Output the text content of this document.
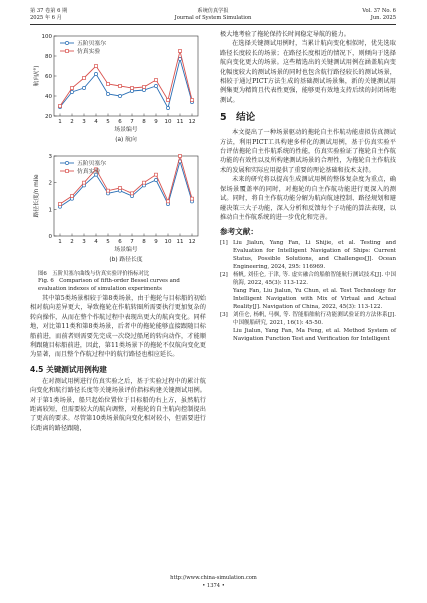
第 37 卷第 6 期
2025 年 6 月
系统仿真学报
Journal of System Simulation
Vol. 37 No. 6
Jun. 2025
20
40
60
80
100
1 2 3 4 5 6 7 8 9 10 11 12
航向/(°)
场景编号
(a) 航向
五阶贝塞尔
仿真实验
0
1
2
3
1 2 3 4 5 6 7 8 9 10 11 12
路径长度/n mile
场景编号
(b) 路径长度
五阶贝塞尔
仿真实验
图6　五阶贝塞尔曲线与仿真实验评价指标对比
Fig. 6　Comparison of fifth-order Bessel curves and evaluation indexes of simulation experiments

其中第5类场景相较于第8类场景，由于拖轮与目标船的初始相对航向差异更大，导致拖轮在作航转圈所需要执行更加复杂的转向操作，从而在整个作航过程中表现出更大的航向变化。同样地，对比第11类和第8类场景，后者中的拖轮能够直接跟随目标船前进，而前者则需要先完成一次绕过船尾的转向动作，才能顺利跟随目标船前进，因此，第11类场景下的拖轮不仅航向变化更为显著，而且整个作航过程中的航行路径也相应延长。

4.5 关键测试用例构建

在对测试用例进行仿真实验之后，基于实验过程中的累计航向变化和航行路径长度等关键场景评价指标构建关键测试用例。对于第1类场景，船只起始位置位于目标船的右上方，虽然航行距离较短，但需要较大的航向调整，对拖轮的自主航向控制提出了更高的要求。尽管第10类场景航向变化相对较小，但需要进行长距离的路径跟随，

极大地考验了拖轮保持长时间稳定导航的能力。

在选择关键测试用例时，当累计航向变化相似时，优先选取路径长度较长的场景；在路径长度相近的情况下，则倾向于选择航向变化更大的场景。这些精选出的关键测试用例在涵盖航向变化幅度较大的测试场景的同时也包含航行路径较长的测试场景，相较于通过PICT方法生成的基础测试场景集，新的关键测试用例集更为精简且代表性更强，能够更有效地支持后续的封闭场地测试。

5　结论

本文提出了一种场景驱动的拖轮自主作航功能虚拟仿真测试方法，利用PICT工具构建多样化的测试用例，基于仿真实验平台评估拖轮自主作航系统的性能，仿真实验验证了拖轮自主作航功能的有效性以及所构建测试场景的合理性，为拖轮自主作航技术的发展和实际应用提供了重要的理论基础和技术支持。

未来的研究将以提高生成测试用例的整体复杂度为重点，确保场景覆盖率的同时，对拖轮的自主作航功能进行更深入的测试。同时，将自主作航功能分解为航向航速控制、路径规划和避碰决策三大子功能，深入分析和反馈每个子功能的算法表现，以推动自主作航系统的进一步优化和完善。

参考文献：

[1] Liu Jialun, Yang Fan, Li Shijie, et al. Testing and Evaluation for Intelligent Navigation of Ships: Current Status, Possible Solutions, and Challenges[J]. Ocean Engineering, 2024, 295: 116969.

[2] 杨帆, 刘佳仑, 于津, 等. 虚实融合的船舶智能航行测试技术[J]. 中国航海, 2022, 45(3): 113-122.

Yang Fan, Liu Jialun, Yu Chun, et al. Test Technology for Intelligent Navigation with Mix of Virtual and Actual Reality[J]. Navigation of China, 2022, 45(3): 113-122.

[3] 刘佳仑, 杨帆, 马枫, 等. 智能船舶航行功能测试验证的方法体系[J]. 中国舰船研究, 2021, 16(1): 45-50.

Liu Jialun, Yang Fan, Ma Feng, et al. Method System of Navigation Function Test and Verification for Intelligent

http://www.china-simulation.com
• 1374 •
